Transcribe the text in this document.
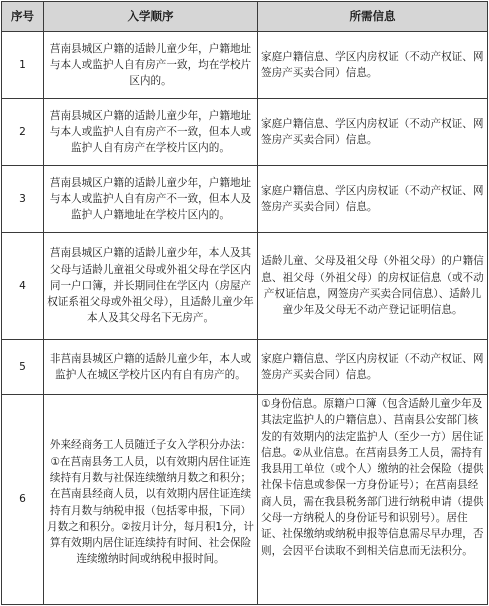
序号	入学顺序	所需信息
1	莒南县城区户籍的适龄儿童少年，户籍地址与本人或监护人自有房产一致，均在学校片区内的。	家庭户籍信息、学区内房权证（不动产权证、网签房产买卖合同）信息。
2	莒南县城区户籍的适龄儿童少年，户籍地址与本人或监护人自有房产不一致，但本人或监护人自有房产在学校片区内的。	家庭户籍信息、学区内房权证（不动产权证、网签房产买卖合同）信息。
3	莒南县城区户籍的适龄儿童少年，户籍地址与本人或监护人自有房产不一致，但本人及监护人户籍地址在学校片区内的。	家庭户籍信息、学区内房权证（不动产权证、网签房产买卖合同）信息。
4	莒南县城区户籍的适龄儿童少年，本人及其父母与适龄儿童祖父母或外祖父母在学区内同一户口簿，并长期同住在学区内（房屋产权证系祖父母或外祖父母），且适龄儿童少年本人及其父母名下无房产。	适龄儿童、父母及祖父母（外祖父母）的户籍信息、祖父母（外祖父母）的房权证信息（或不动产权证信息，网签房产买卖合同信息）、适龄儿童少年及父母无不动产登记证明信息。
5	非莒南县城区户籍的适龄儿童少年，本人或监护人在城区学校片区内有自有房产的。	家庭户籍信息、学区内房权证（不动产权证、网签房产买卖合同）信息。
6	外来经商务工人员随迁子女入学积分办法：①在莒南县务工人员，以有效期内居住证连续持有月数与社保连续缴纳月数之和积分；在莒南县经商人员，以有效期内居住证连续持有月数与纳税申报（包括零申报，下同）月数之和积分。②按月计分，每月积1分，计算有效期内居住证连续持有时间、社会保险连续缴纳时间或纳税申报时间。	①身份信息。原籍户口簿（包含适龄儿童少年及其法定监护人的户籍信息）、莒南县公安部门核发的有效期内的法定监护人（至少一方）居住证信息。②从业信息。在莒南县务工人员，需持有我县用工单位（或个人）缴纳的社会保险（提供社保卡信息或参保一方身份证号）；在莒南县经商人员，需在我县税务部门进行纳税申请（提供父母一方纳税人的身份证号和识别号）。居住证、社保缴纳或纳税申报等信息需尽早办理，否则，会因平台读取不到相关信息而无法积分。
